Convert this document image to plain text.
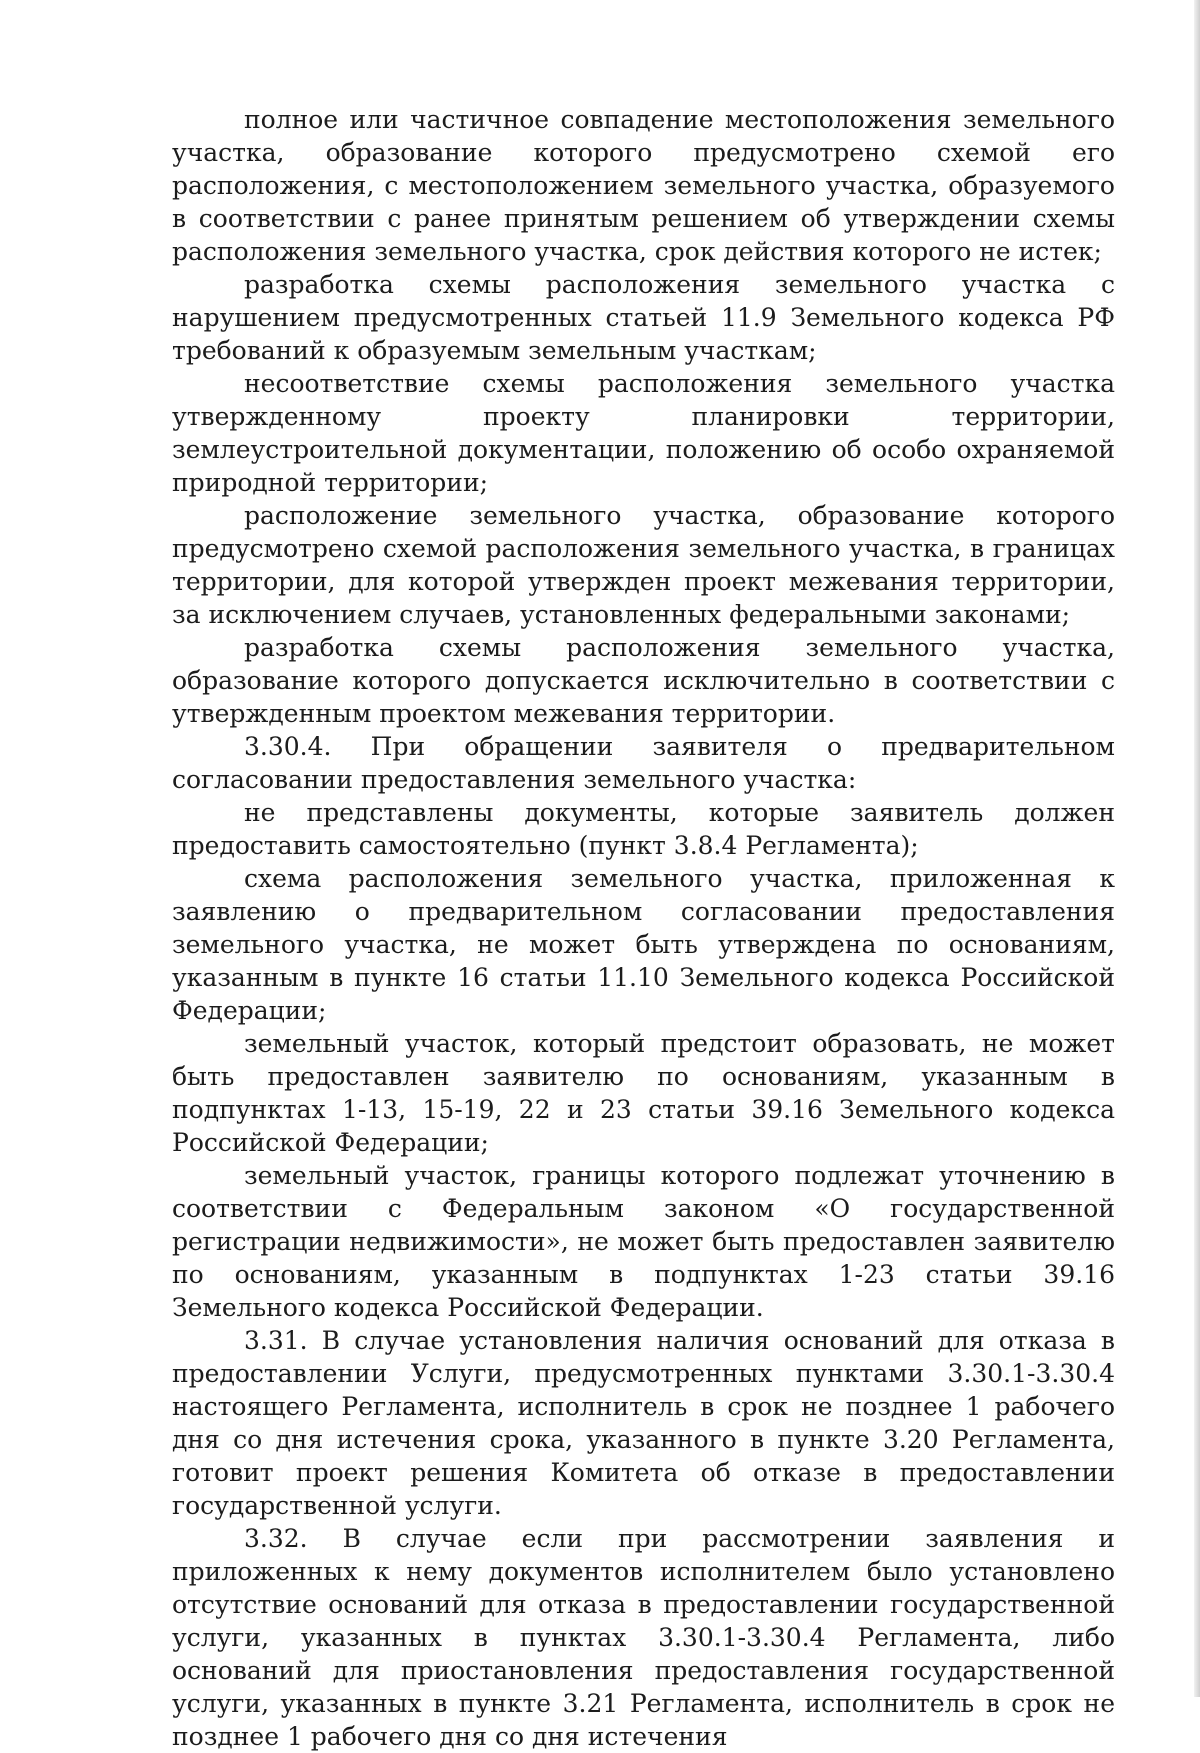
полное или частичное совпадение местоположения земельного участка, образование которого предусмотрено схемой его расположения, с местоположением земельного участка, образуемого в соответствии с ранее принятым решением об утверждении схемы расположения земельного участка, срок действия которого не истек;

разработка схемы расположения земельного участка с нарушением предусмотренных статьей 11.9 Земельного кодекса РФ требований к образуемым земельным участкам;

несоответствие схемы расположения земельного участка утвержденному проекту планировки территории, землеустроительной документации, положению об особо охраняемой природной территории;

расположение земельного участка, образование которого предусмотрено схемой расположения земельного участка, в границах территории, для которой утвержден проект межевания территории, за исключением случаев, установленных федеральными законами;

разработка схемы расположения земельного участка, образование которого допускается исключительно в соответствии с утвержденным проектом межевания территории.

3.30.4. При обращении заявителя о предварительном согласовании предоставления земельного участка:

не представлены документы, которые заявитель должен предоставить самостоятельно (пункт 3.8.4 Регламента);

схема расположения земельного участка, приложенная к заявлению о предварительном согласовании предоставления земельного участка, не может быть утверждена по основаниям, указанным в пункте 16 статьи 11.10 Земельного кодекса Российской Федерации;

земельный участок, который предстоит образовать, не может быть предоставлен заявителю по основаниям, указанным в подпунктах 1-13, 15-19, 22 и 23 статьи 39.16 Земельного кодекса Российской Федерации;

земельный участок, границы которого подлежат уточнению в соответствии с Федеральным законом «О государственной регистрации недвижимости», не может быть предоставлен заявителю по основаниям, указанным в подпунктах 1-23 статьи 39.16 Земельного кодекса Российской Федерации.

3.31. В случае установления наличия оснований для отказа в предоставлении Услуги, предусмотренных пунктами 3.30.1-3.30.4 настоящего Регламента, исполнитель в срок не позднее 1 рабочего дня со дня истечения срока, указанного в пункте 3.20 Регламента, готовит проект решения Комитета об отказе в предоставлении государственной услуги.

3.32. В случае если при рассмотрении заявления и приложенных к нему документов исполнителем было установлено отсутствие оснований для отказа в предоставлении государственной услуги, указанных в пунктах 3.30.1-3.30.4 Регламента, либо оснований для приостановления предоставления государственной услуги, указанных в пункте 3.21 Регламента, исполнитель в срок не позднее 1 рабочего дня со дня истечения
